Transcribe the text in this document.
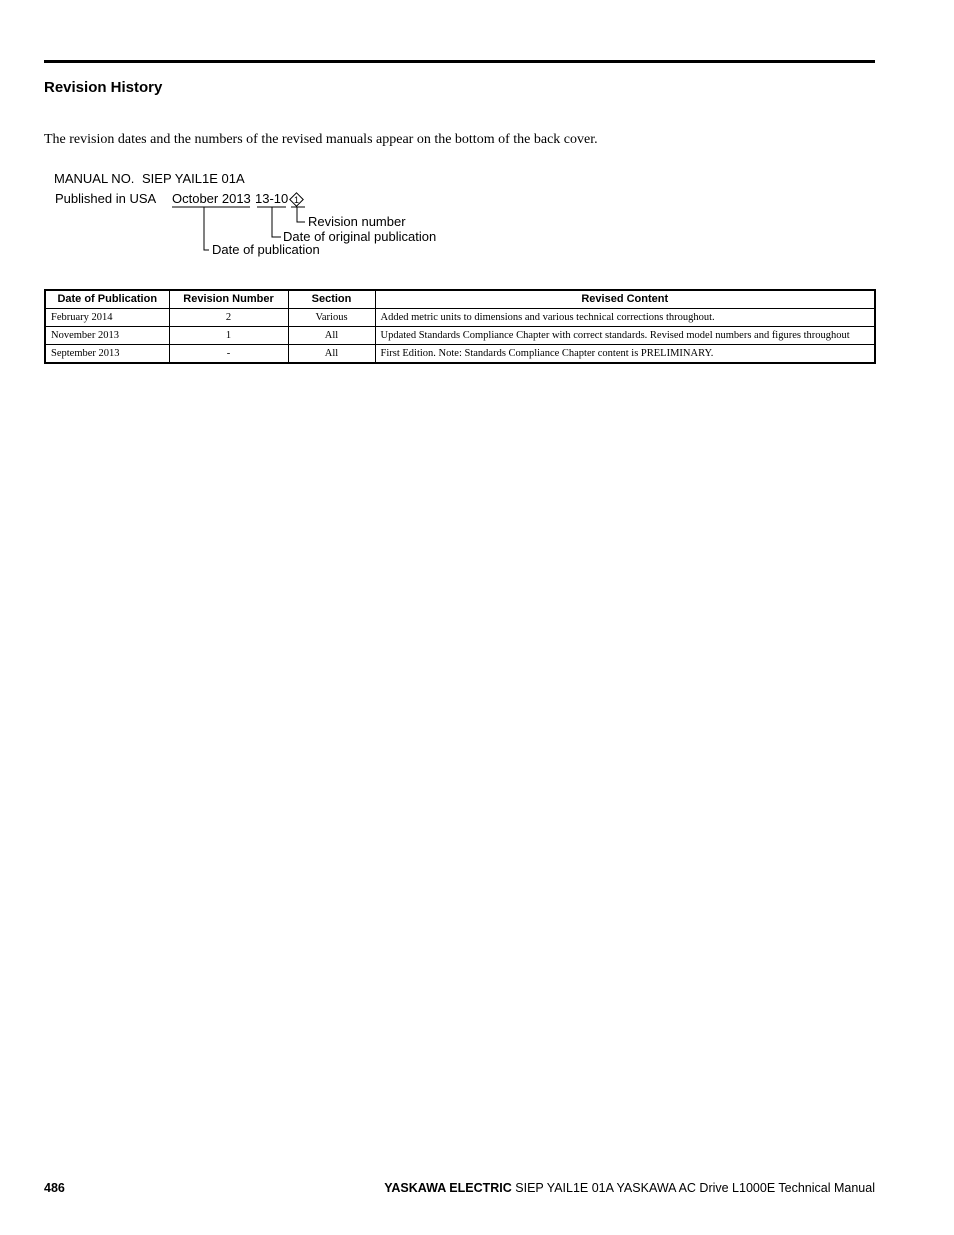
Revision History
The revision dates and the numbers of the revised manuals appear on the bottom of the back cover.
MANUAL NO. SIEP YAIL1E 01A
Published in USA October 2013 13-10 1
Revision number
Date of original publication
Date of publication
Date of Publication	Revision Number	Section	Revised Content
February 2014	2	Various	Added metric units to dimensions and various technical corrections throughout.
November 2013	1	All	Updated Standards Compliance Chapter with correct standards. Revised model numbers and figures throughout
September 2013	-	All	First Edition. Note: Standards Compliance Chapter content is PRELIMINARY.
486	YASKAWA ELECTRIC SIEP YAIL1E 01A YASKAWA AC Drive L1000E Technical Manual
